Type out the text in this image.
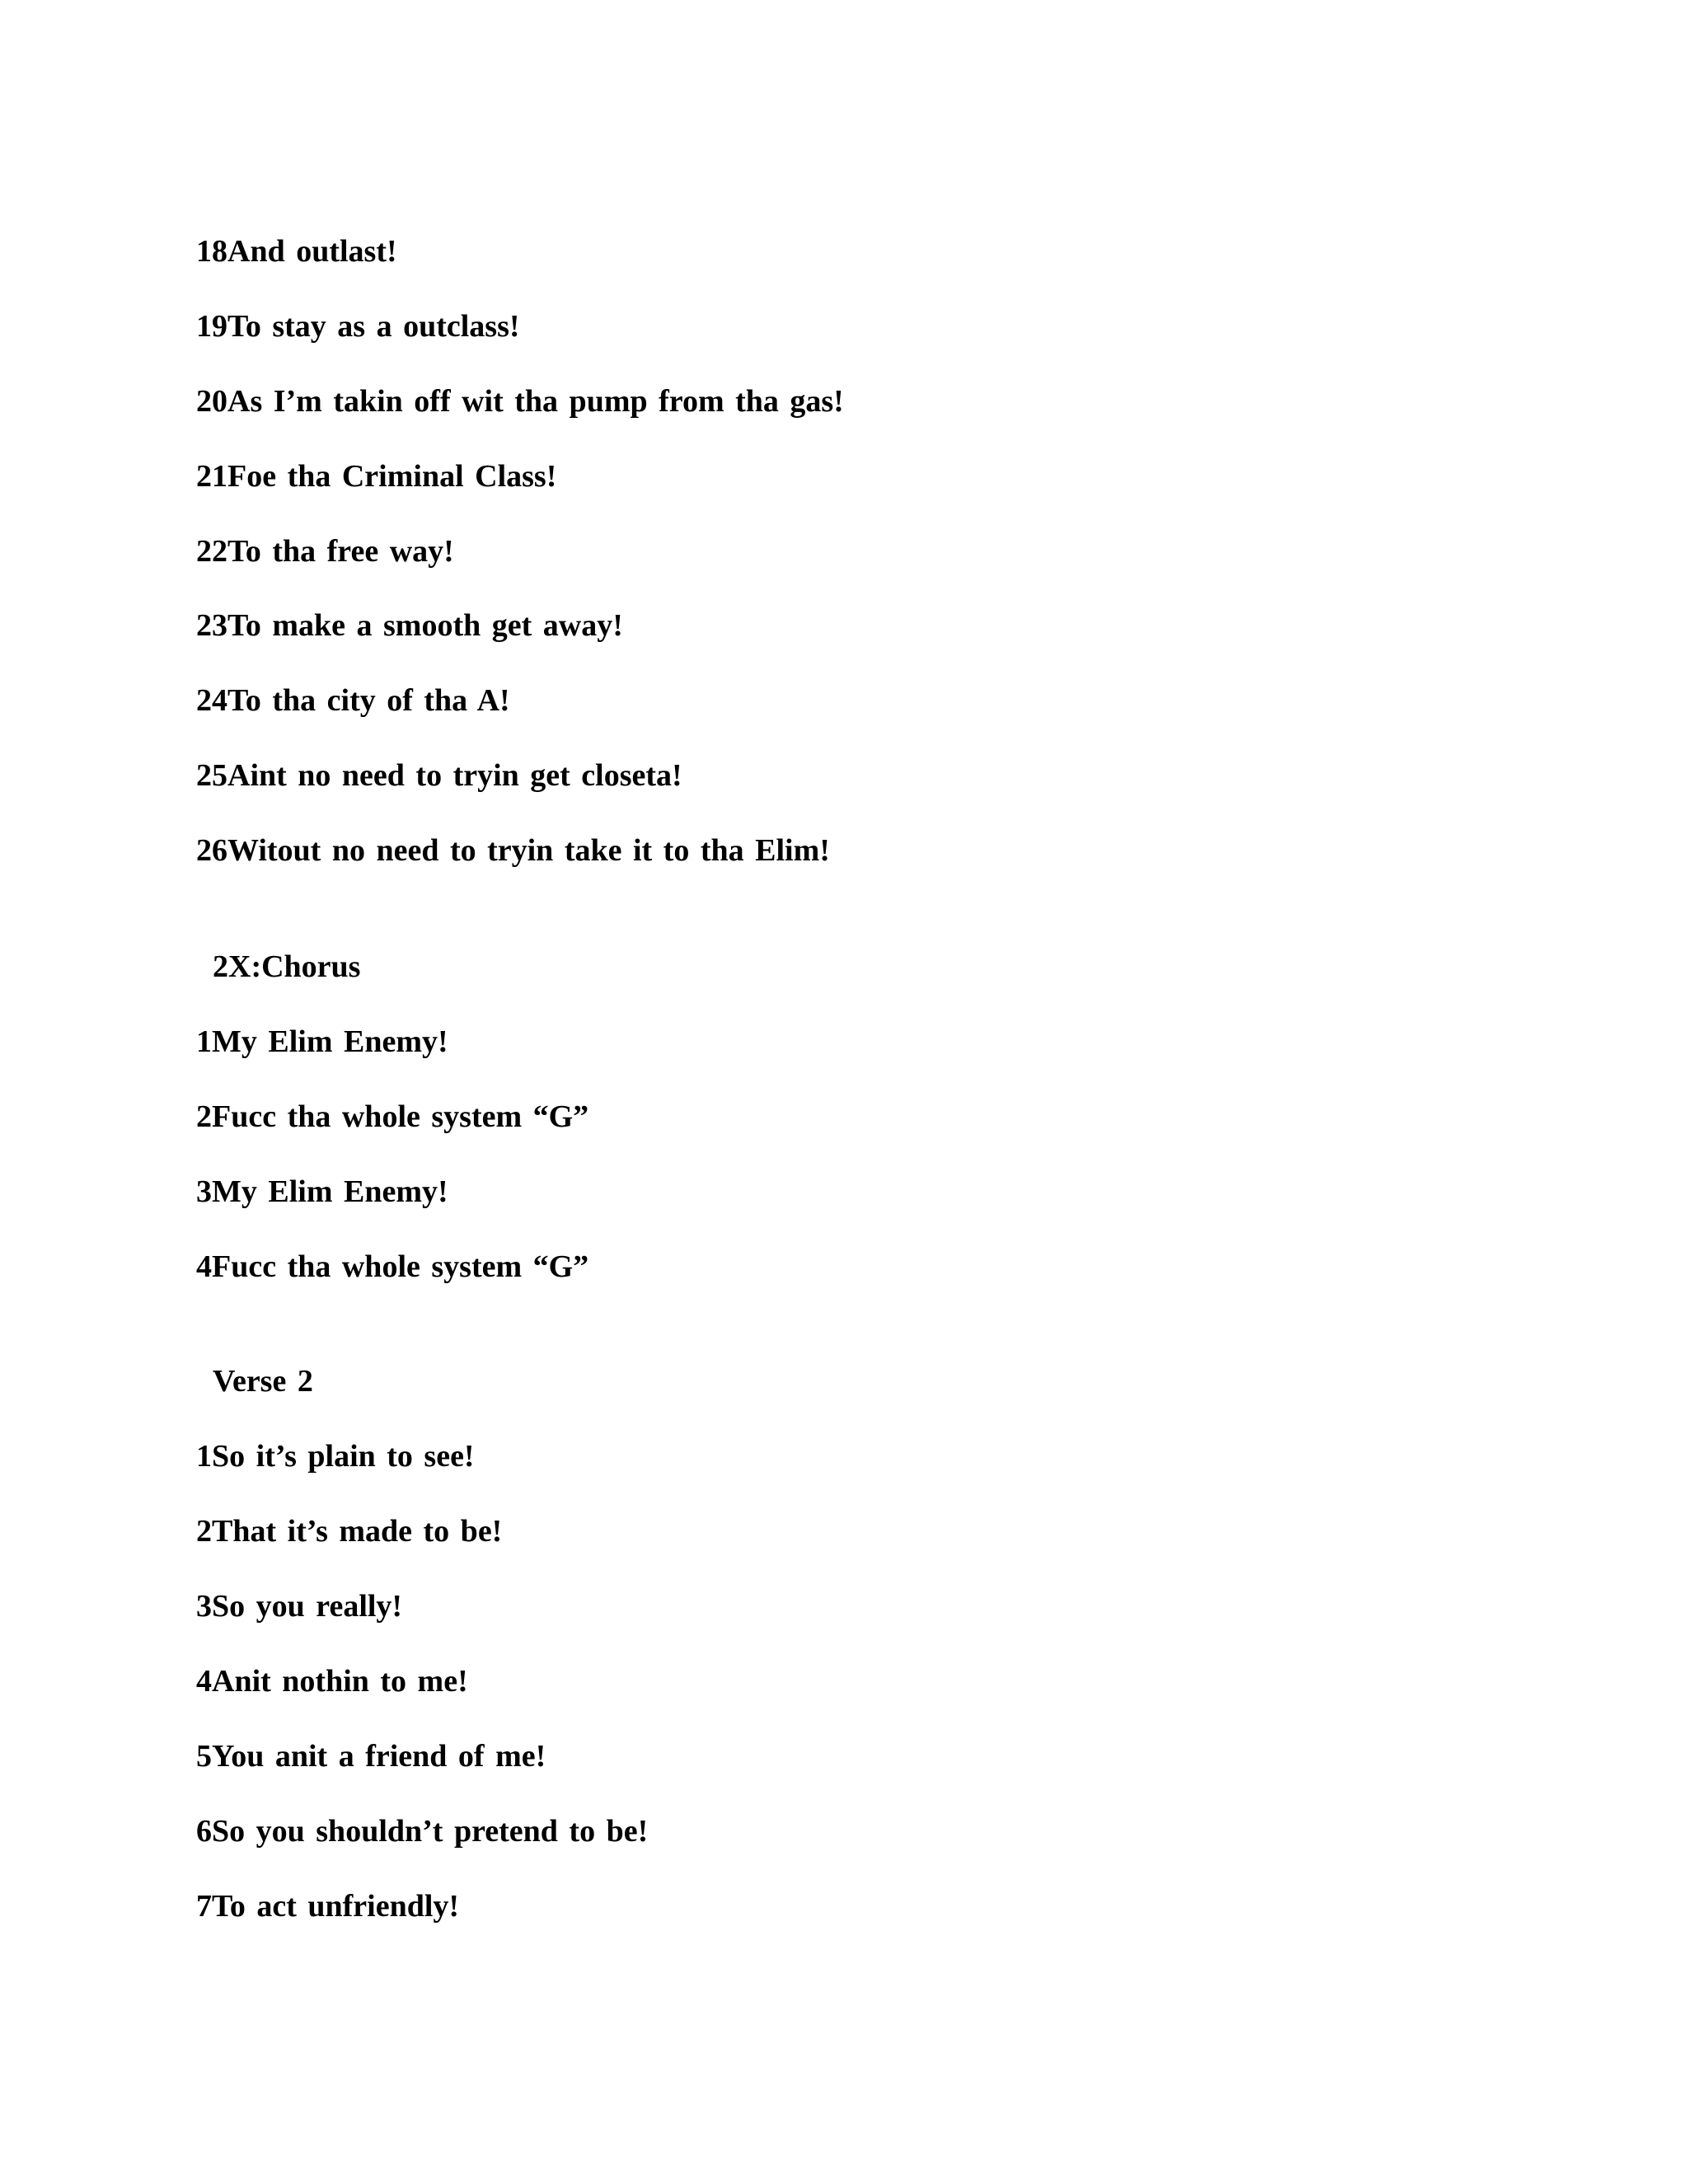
18And outlast!
19To stay as a outclass!
20As I’m takin off wit tha pump from tha gas!
21Foe tha Criminal Class!
22To tha free way!
23To make a smooth get away!
24To tha city of tha A!
25Aint no need to tryin get closeta!
26Witout no need to tryin take it to tha Elim!
2X:Chorus
1My Elim Enemy!
2Fucc tha whole system “G”
3My Elim Enemy!
4Fucc tha whole system “G”
Verse 2
1So it’s plain to see!
2That it’s made to be!
3So you really!
4Anit nothin to me!
5You anit a friend of me!
6So you shouldn’t pretend to be!
7To act unfriendly!
